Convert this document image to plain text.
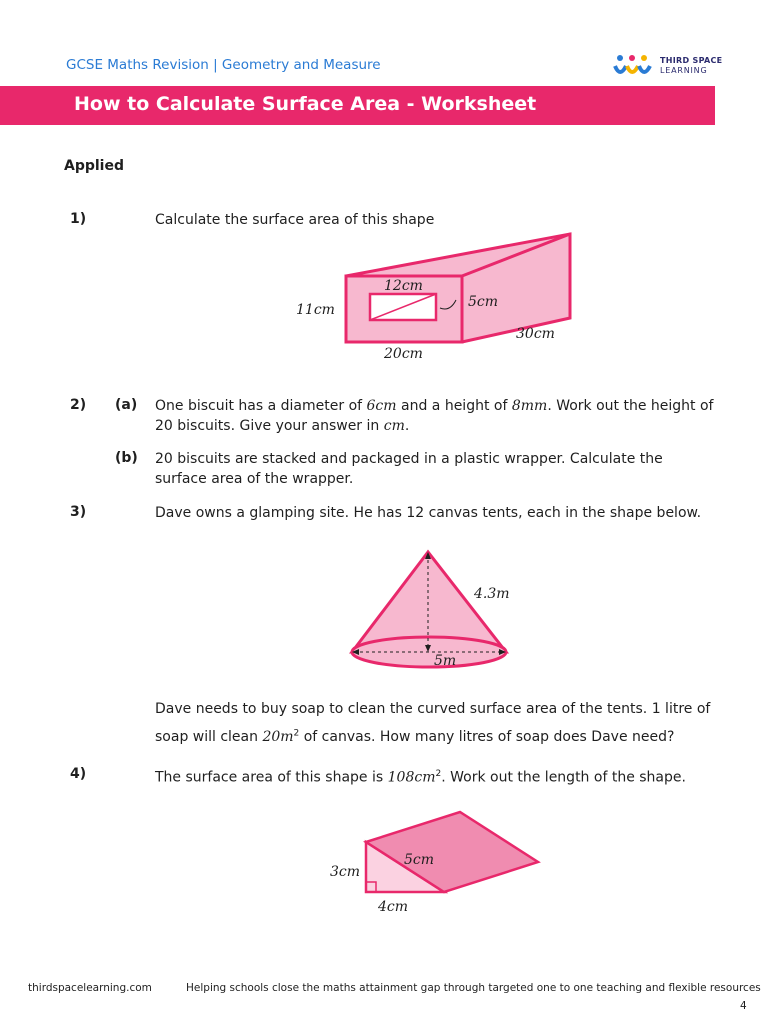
GCSE Maths Revision | Geometry and Measure	THIRD SPACE
LEARNING
How to Calculate Surface Area - Worksheet
Applied
1)	Calculate the surface area of this shape
12cm
11cm	5cm
20cm
30cm
2) (a) One biscuit has a diameter of 6cm and a height of 8mm. Work out the height of
20 biscuits. Give your answer in cm.
(b) 20 biscuits are stacked and packaged in a plastic wrapper. Calculate the surface area of the wrapper.
3)	Dave owns a glamping site. He has 12 canvas tents, each in the shape below.
4.3m
5m
Dave needs to buy soap to clean the curved surface area of the tents. 1 litre of
soap will clean $20m^2$ of canvas. How many litres of soap does Dave need?
4)	The surface area of this shape is $108cm^2$. Work out the length of the shape.
3cm
5cm
4cm
thirdspacelearning.com	Helping schools close the maths attainment gap through targeted one to one teaching and flexible resources
4
